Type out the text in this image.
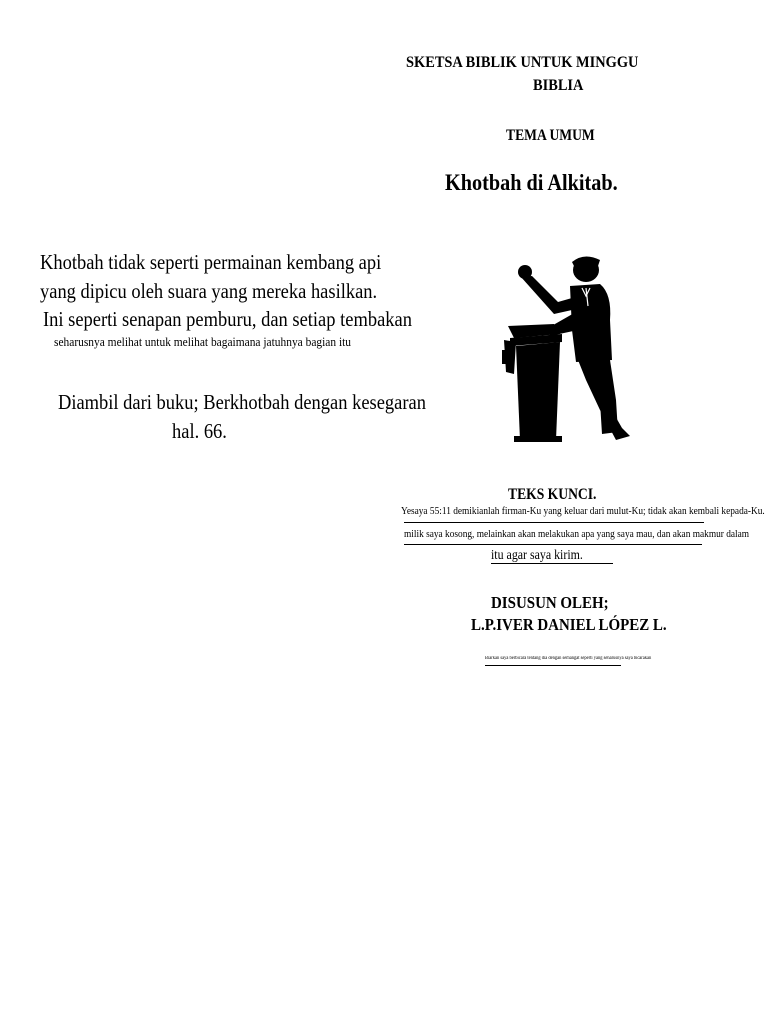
SKETSA BIBLIK UNTUK MINGGU
BIBLIA
TEMA UMUM
Khotbah di Alkitab.
Khotbah tidak seperti permainan kembang api
yang dipicu oleh suara yang mereka hasilkan.
Ini seperti senapan pemburu, dan setiap tembakan
seharusnya melihat untuk melihat bagaimana jatuhnya bagian itu
Diambil dari buku; Berkhotbah dengan kesegaran
hal. 66.
TEKS KUNCI.
Yesaya 55:11 demikianlah firman-Ku yang keluar dari mulut-Ku; tidak akan kembali kepada-Ku.
milik saya kosong, melainkan akan melakukan apa yang saya mau, dan akan makmur dalam
itu agar saya kirim.
DISUSUN OLEH;
L.P.IVER DANIEL LÓPEZ L.
Biarkan saya berbicara tentang dia dengan semangat seperti yang seharusnya saya bicarakan
